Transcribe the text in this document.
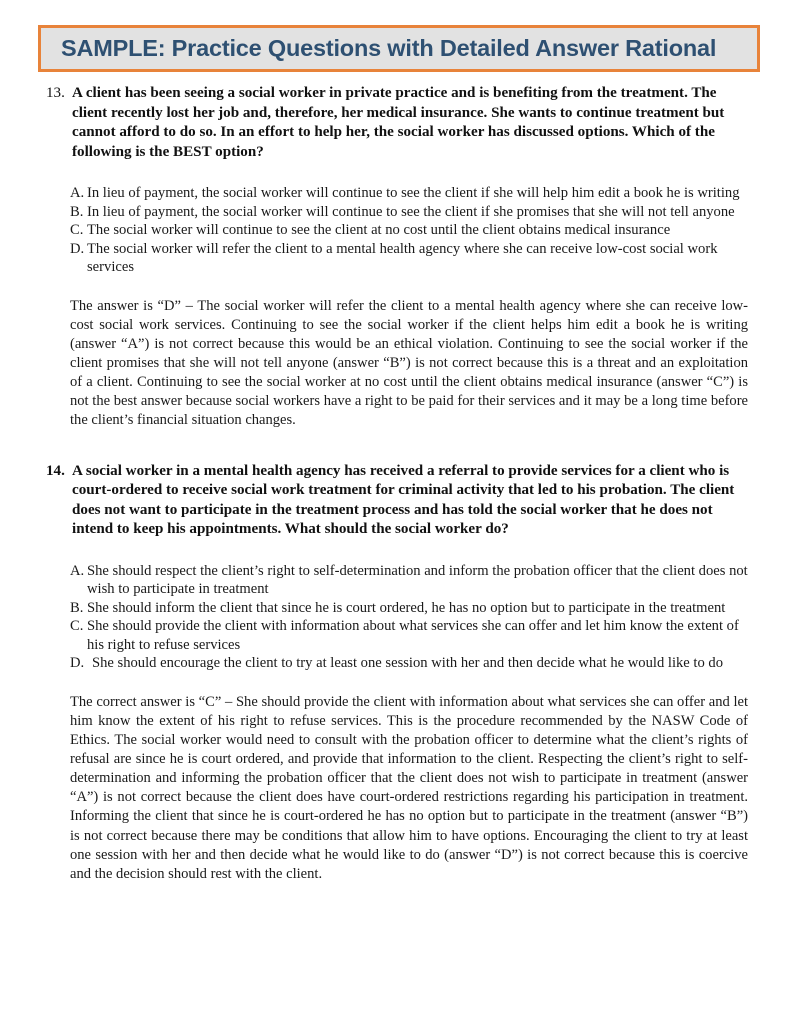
SAMPLE: Practice Questions with Detailed Answer Rational
13. A client has been seeing a social worker in private practice and is benefiting from the treatment. The client recently lost her job and, therefore, her medical insurance. She wants to continue treatment but cannot afford to do so. In an effort to help her, the social worker has discussed options. Which of the following is the BEST option?
A. In lieu of payment, the social worker will continue to see the client if she will help him edit a book he is writing
B. In lieu of payment, the social worker will continue to see the client if she promises that she will not tell anyone
C. The social worker will continue to see the client at no cost until the client obtains medical insurance
D. The social worker will refer the client to a mental health agency where she can receive low-cost social work services
The answer is “D” – The social worker will refer the client to a mental health agency where she can receive low-cost social work services. Continuing to see the social worker if the client helps him edit a book he is writing (answer “A”) is not correct because this would be an ethical violation. Continuing to see the social worker if the client promises that she will not tell anyone (answer “B”) is not correct because this is a threat and an exploitation of a client. Continuing to see the social worker at no cost until the client obtains medical insurance (answer “C”) is not the best answer because social workers have a right to be paid for their services and it may be a long time before the client’s financial situation changes.
14. A social worker in a mental health agency has received a referral to provide services for a client who is court-ordered to receive social work treatment for criminal activity that led to his probation. The client does not want to participate in the treatment process and has told the social worker that he does not intend to keep his appointments. What should the social worker do?
A. She should respect the client’s right to self-determination and inform the probation officer that the client does not wish to participate in treatment
B. She should inform the client that since he is court ordered, he has no option but to participate in the treatment
C. She should provide the client with information about what services she can offer and let him know the extent of his right to refuse services
D. She should encourage the client to try at least one session with her and then decide what he would like to do
The correct answer is “C” – She should provide the client with information about what services she can offer and let him know the extent of his right to refuse services. This is the procedure recommended by the NASW Code of Ethics. The social worker would need to consult with the probation officer to determine what the client’s rights of refusal are since he is court ordered, and provide that information to the client. Respecting the client’s right to self-determination and informing the probation officer that the client does not wish to participate in treatment (answer “A”) is not correct because the client does have court-ordered restrictions regarding his participation in treatment. Informing the client that since he is court-ordered he has no option but to participate in the treatment (answer “B”) is not correct because there may be conditions that allow him to have options. Encouraging the client to try at least one session with her and then decide what he would like to do (answer “D”) is not correct because this is coercive and the decision should rest with the client.
